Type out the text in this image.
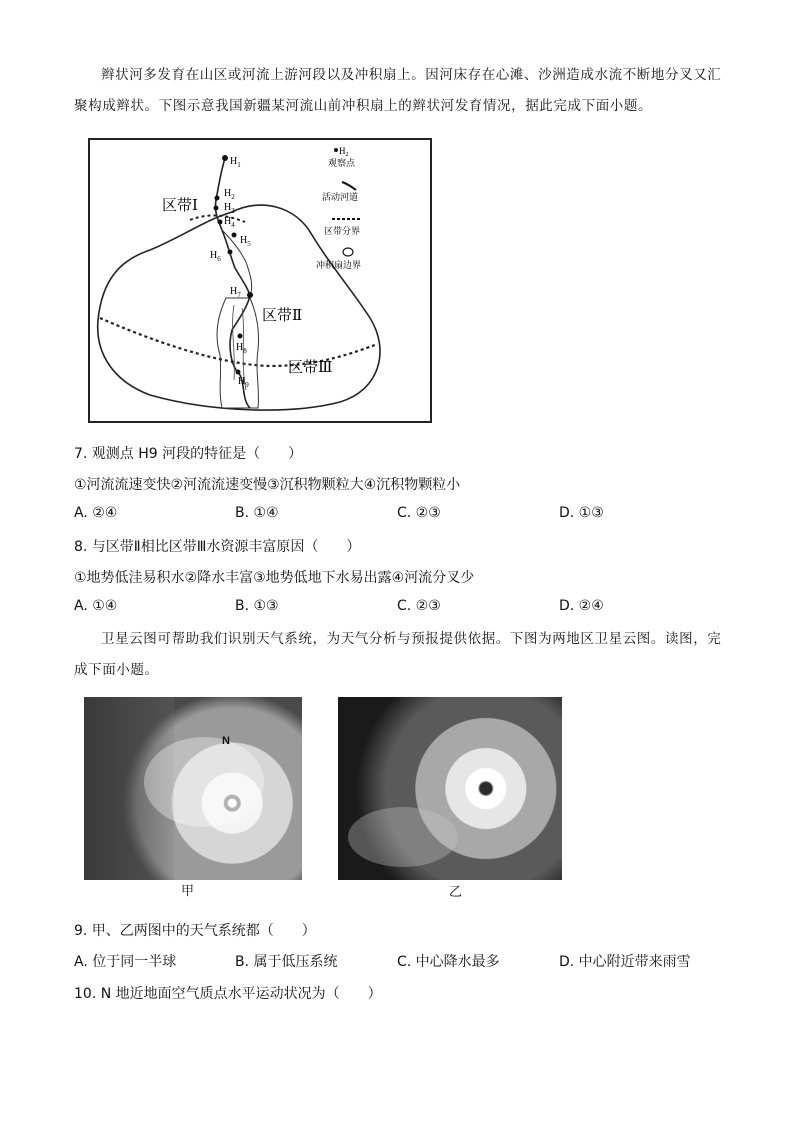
辫状河多发育在山区或河流上游河段以及冲积扇上。因河床存在心滩、沙洲造成水流不断地分叉又汇聚构成辫状。下图示意我国新疆某河流山前冲积扇上的辫状河发育情况，据此完成下面小题。
$H_1$
$H_2$
$H_3$
$H_4$
$H_5$
$H_6$
$H_7$
$H_8$
$H_9$
区带Ⅰ
区带Ⅱ
区带Ⅲ
$H_2$
观察点
活动河道
区带分界
冲积扇边界
7. 观测点 H9 河段的特征是（　　）
①河流流速变快②河流流速变慢③沉积物颗粒大④沉积物颗粒小
A. ②④	B. ①④	C. ②③	D. ①③
8. 与区带Ⅱ相比区带Ⅲ水资源丰富原因（　　）
①地势低洼易积水②降水丰富③地势低地下水易出露④河流分叉少
A. ①④	B. ①③	C. ②③	D. ②④
卫星云图可帮助我们识别天气系统，为天气分析与预报提供依据。下图为两地区卫星云图。读图，完成下面小题。
N
甲	乙
9. 甲、乙两图中的天气系统都（　　）
A. 位于同一半球	B. 属于低压系统	C. 中心降水最多	D. 中心附近带来雨雪
10. N 地近地面空气质点水平运动状况为（　　）
